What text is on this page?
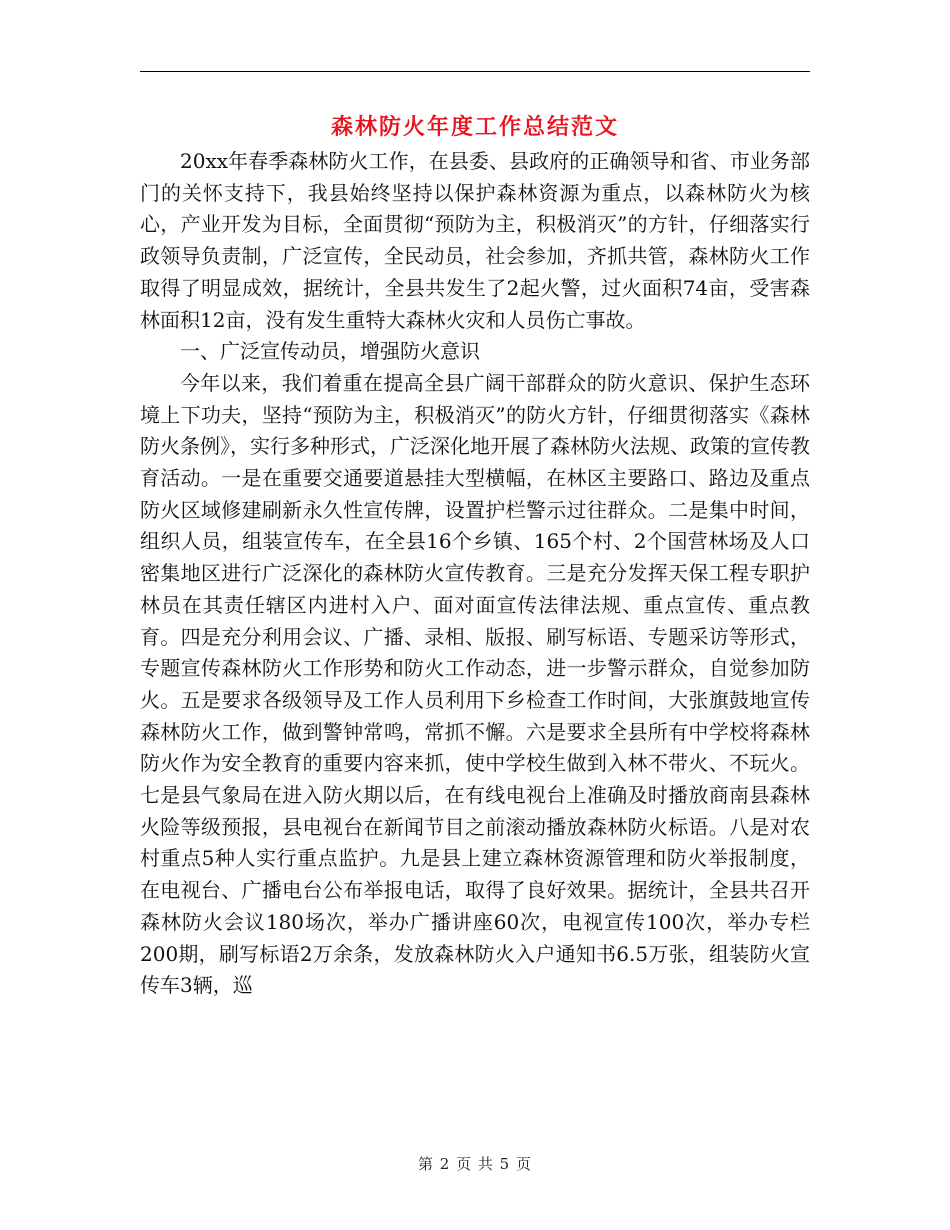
森林防火年度工作总结范文

20xx年春季森林防火工作，在县委、县政府的正确领导和省、市业务部门的关怀支持下，我县始终坚持以保护森林资源为重点，以森林防火为核心，产业开发为目标，全面贯彻“预防为主，积极消灭”的方针，仔细落实行政领导负责制，广泛宣传，全民动员，社会参加，齐抓共管，森林防火工作取得了明显成效，据统计，全县共发生了2起火警，过火面积74亩，受害森林面积12亩，没有发生重特大森林火灾和人员伤亡事故。

一、广泛宣传动员，增强防火意识

今年以来，我们着重在提高全县广阔干部群众的防火意识、保护生态环境上下功夫，坚持“预防为主，积极消灭”的防火方针，仔细贯彻落实《森林防火条例》，实行多种形式，广泛深化地开展了森林防火法规、政策的宣传教育活动。一是在重要交通要道悬挂大型横幅，在林区主要路口、路边及重点防火区域修建刷新永久性宣传牌，设置护栏警示过往群众。二是集中时间，组织人员，组装宣传车，在全县16个乡镇、165个村、2个国营林场及人口密集地区进行广泛深化的森林防火宣传教育。三是充分发挥天保工程专职护林员在其责任辖区内进村入户、面对面宣传法律法规、重点宣传、重点教育。四是充分利用会议、广播、录相、版报、刷写标语、专题采访等形式，专题宣传森林防火工作形势和防火工作动态，进一步警示群众，自觉参加防火。五是要求各级领导及工作人员利用下乡检查工作时间，大张旗鼓地宣传森林防火工作，做到警钟常鸣，常抓不懈。六是要求全县所有中学校将森林防火作为安全教育的重要内容来抓，使中学校生做到入林不带火、不玩火。七是县气象局在进入防火期以后，在有线电视台上准确及时播放商南县森林火险等级预报，县电视台在新闻节目之前滚动播放森林防火标语。八是对农村重点5种人实行重点监护。九是县上建立森林资源管理和防火举报制度，在电视台、广播电台公布举报电话，取得了良好效果。据统计，全县共召开森林防火会议180场次，举办广播讲座60次，电视宣传100次，举办专栏200期，刷写标语2万余条，发放森林防火入户通知书6.5万张，组装防火宣传车3辆，巡

第 2 页 共 5 页
